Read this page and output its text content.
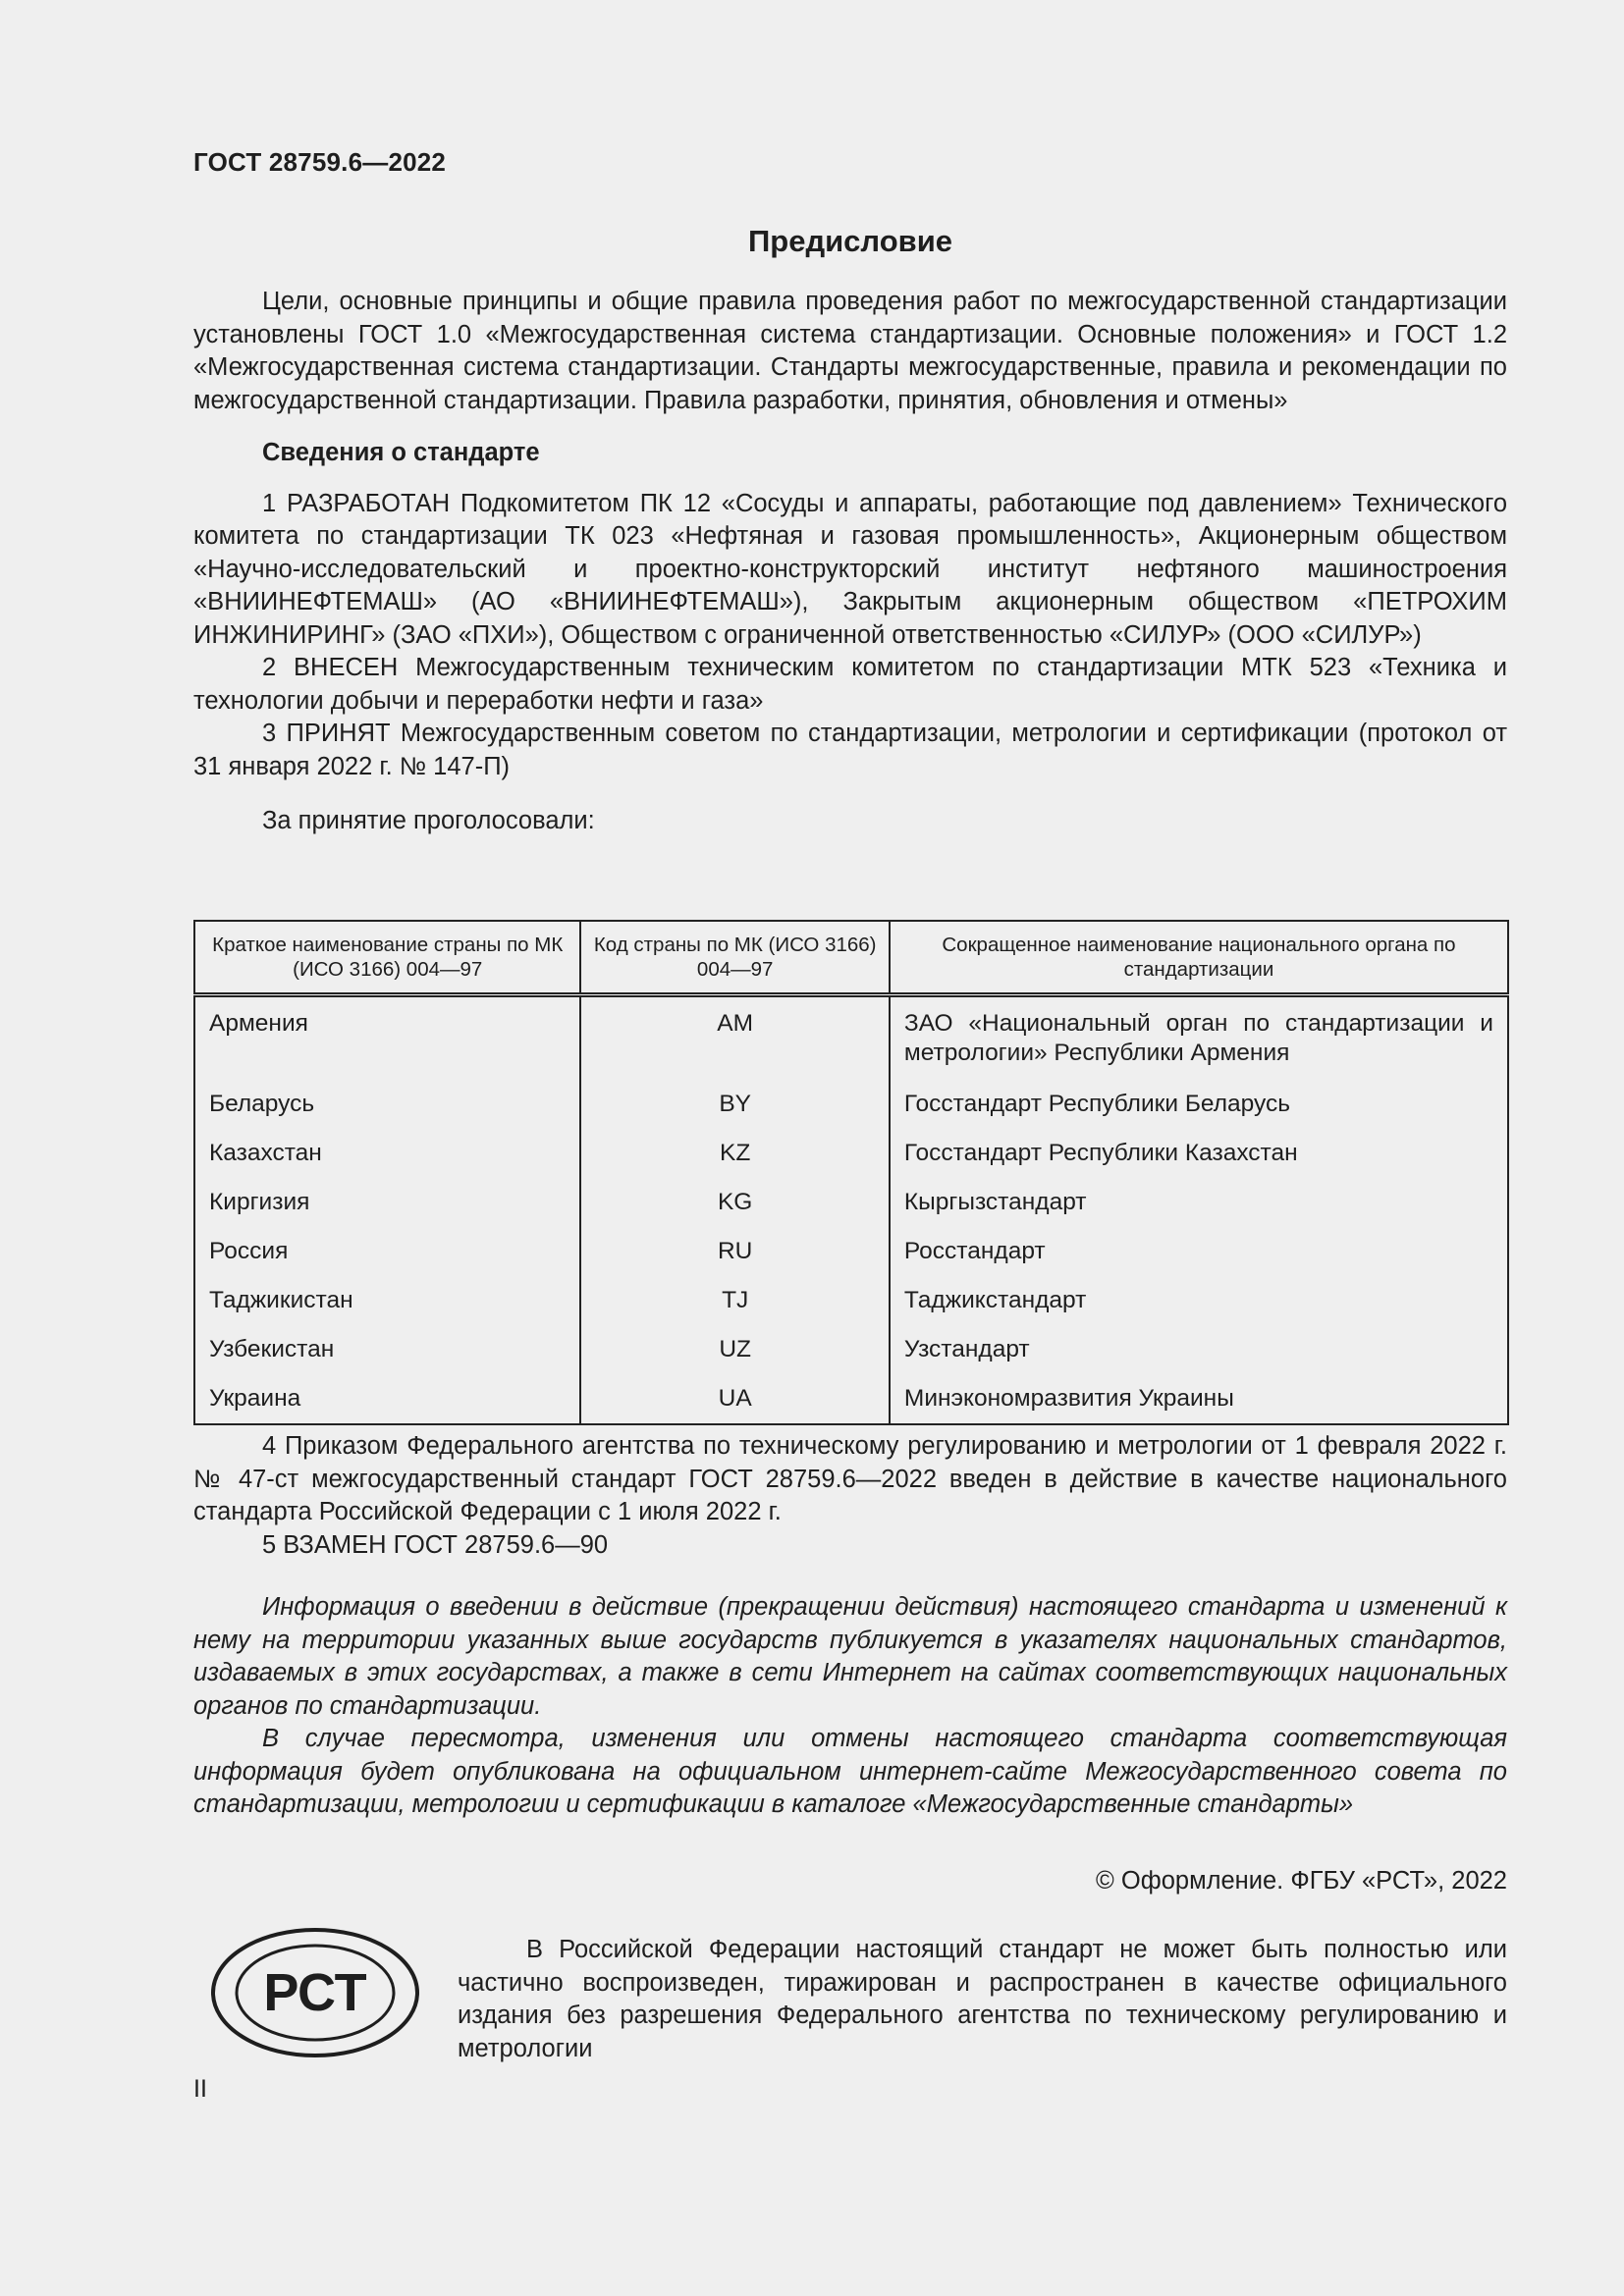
ГОСТ 28759.6—2022
Предисловие

Цели, основные принципы и общие правила проведения работ по межгосударственной стандартизации установлены ГОСТ 1.0 «Межгосударственная система стандартизации. Основные положения» и ГОСТ 1.2 «Межгосударственная система стандартизации. Стандарты межгосударственные, правила и рекомендации по межгосударственной стандартизации. Правила разработки, принятия, обновления и отмены»

Сведения о стандарте

1 РАЗРАБОТАН Подкомитетом ПК 12 «Сосуды и аппараты, работающие под давлением» Технического комитета по стандартизации ТК 023 «Нефтяная и газовая промышленность», Акционерным обществом «Научно-исследовательский и проектно-конструкторский институт нефтяного машиностроения «ВНИИНЕФТЕМАШ» (АО «ВНИИНЕФТЕМАШ»), Закрытым акционерным обществом «ПЕТРОХИМ ИНЖИНИРИНГ» (ЗАО «ПХИ»), Обществом с ограниченной ответственностью «СИЛУР» (ООО «СИЛУР»)

2 ВНЕСЕН Межгосударственным техническим комитетом по стандартизации МТК 523 «Техника и технологии добычи и переработки нефти и газа»

3 ПРИНЯТ Межгосударственным советом по стандартизации, метрологии и сертификации (протокол от 31 января 2022 г. № 147-П)

За принятие проголосовали:

Краткое наименование страны по МК (ИСО 3166) 004—97	Код страны по МК (ИСО 3166) 004—97	Сокращенное наименование национального органа по стандартизации
Армения	AM	ЗАО «Национальный орган по стандартизации и метрологии» Республики Армения
Беларусь	BY	Госстандарт Республики Беларусь
Казахстан	KZ	Госстандарт Республики Казахстан
Киргизия	KG	Кыргызстандарт
Россия	RU	Росстандарт
Таджикистан	TJ	Таджикстандарт
Узбекистан	UZ	Узстандарт
Украина	UA	Минэкономразвития Украины

4 Приказом Федерального агентства по техническому регулированию и метрологии от 1 февраля 2022 г. № 47-ст межгосударственный стандарт ГОСТ 28759.6—2022 введен в действие в качестве национального стандарта Российской Федерации с 1 июля 2022 г.

5 ВЗАМЕН ГОСТ 28759.6—90

Информация о введении в действие (прекращении действия) настоящего стандарта и изменений к нему на территории указанных выше государств публикуется в указателях национальных стандартов, издаваемых в этих государствах, а также в сети Интернет на сайтах соответствующих национальных органов по стандартизации.

В случае пересмотра, изменения или отмены настоящего стандарта соответствующая информация будет опубликована на официальном интернет-сайте Межгосударственного совета по стандартизации, метрологии и сертификации в каталоге «Межгосударственные стандарты»

© Оформление. ФГБУ «РСТ», 2022
РСТ
В Российской Федерации настоящий стандарт не может быть полностью или частично воспроизведен, тиражирован и распространен в качестве официального издания без разрешения Федерального агентства по техническому регулированию и метрологии
II
